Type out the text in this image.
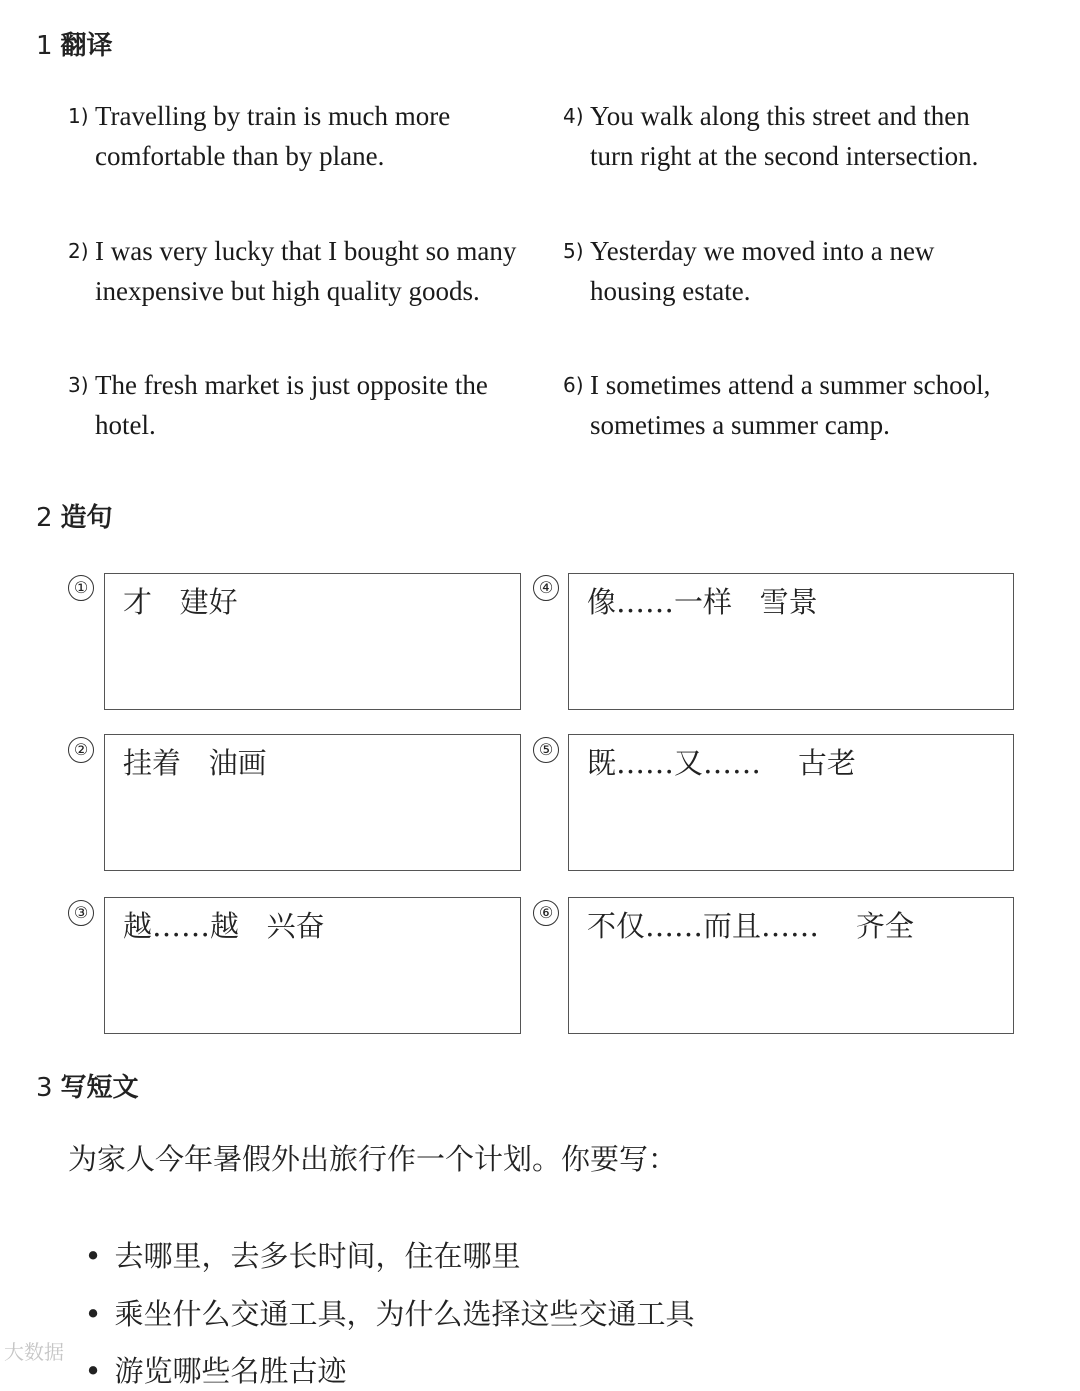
1 翻译
1) Travelling by train is much more
comfortable than by plane.
2) I was very lucky that I bought so many
inexpensive but high quality goods.
3) The fresh market is just opposite the
hotel.
4) You walk along this street and then
turn right at the second intersection.
5) Yesterday we moved into a new
housing estate.
6) I sometimes attend a summer school,
sometimes a summer camp.
2 造句
① 才   建好
② 挂着   油画
③ 越……越   兴奋
④ 像……一样   雪景
⑤ 既……又……    古老
⑥ 不仅……而且……    齐全
3 写短文
为家人今年暑假外出旅行作一个计划。你要写：

• 去哪里，去多长时间，住在哪里

• 乘坐什么交通工具，为什么选择这些交通工具

• 游览哪些名胜古迹

大数据
